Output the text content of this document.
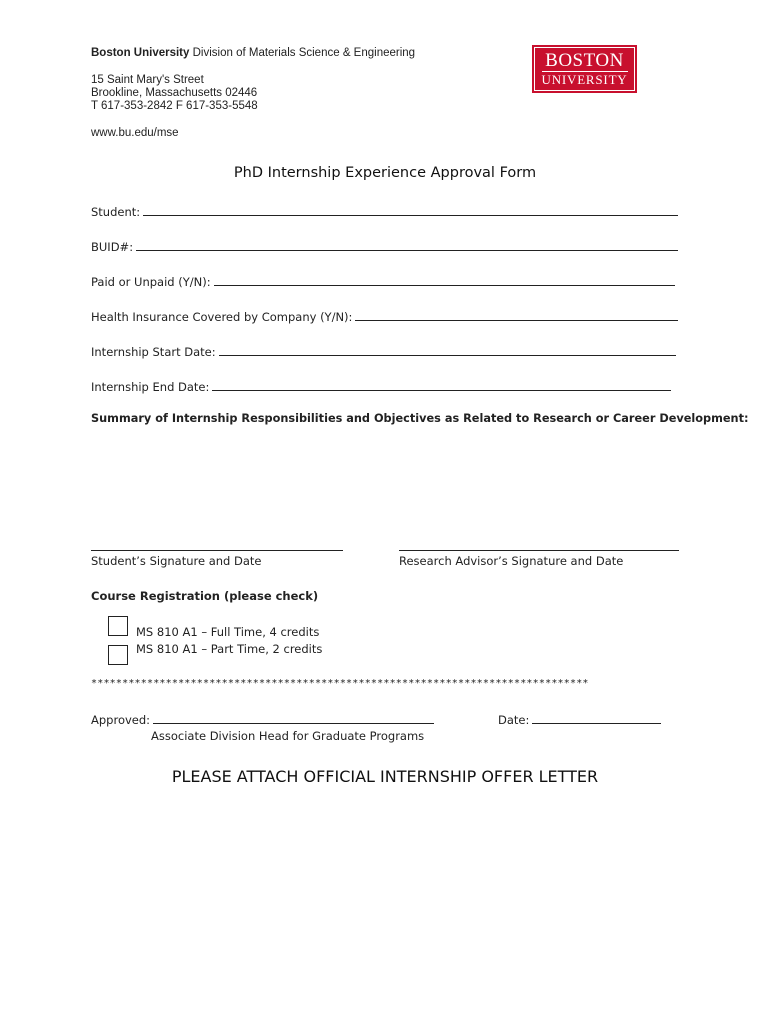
Boston University Division of Materials Science & Engineering
15 Saint Mary's Street
Brookline, Massachusetts 02446
T 617-353-2842 F 617-353-5548
www.bu.edu/mse
BOSTON
UNIVERSITY
PhD Internship Experience Approval Form
Student:
BUID#:
Paid or Unpaid (Y/N):
Health Insurance Covered by Company (Y/N):
Internship Start Date:
Internship End Date:
Summary of Internship Responsibilities and Objectives as Related to Research or Career Development:
Student’s Signature and Date	Research Advisor’s Signature and Date
Course Registration (please check)
MS 810 A1 – Full Time, 4 credits
MS 810 A1 – Part Time, 2 credits
********************************************************************************
Approved:	Date:
Associate Division Head for Graduate Programs
PLEASE ATTACH OFFICIAL INTERNSHIP OFFER LETTER
